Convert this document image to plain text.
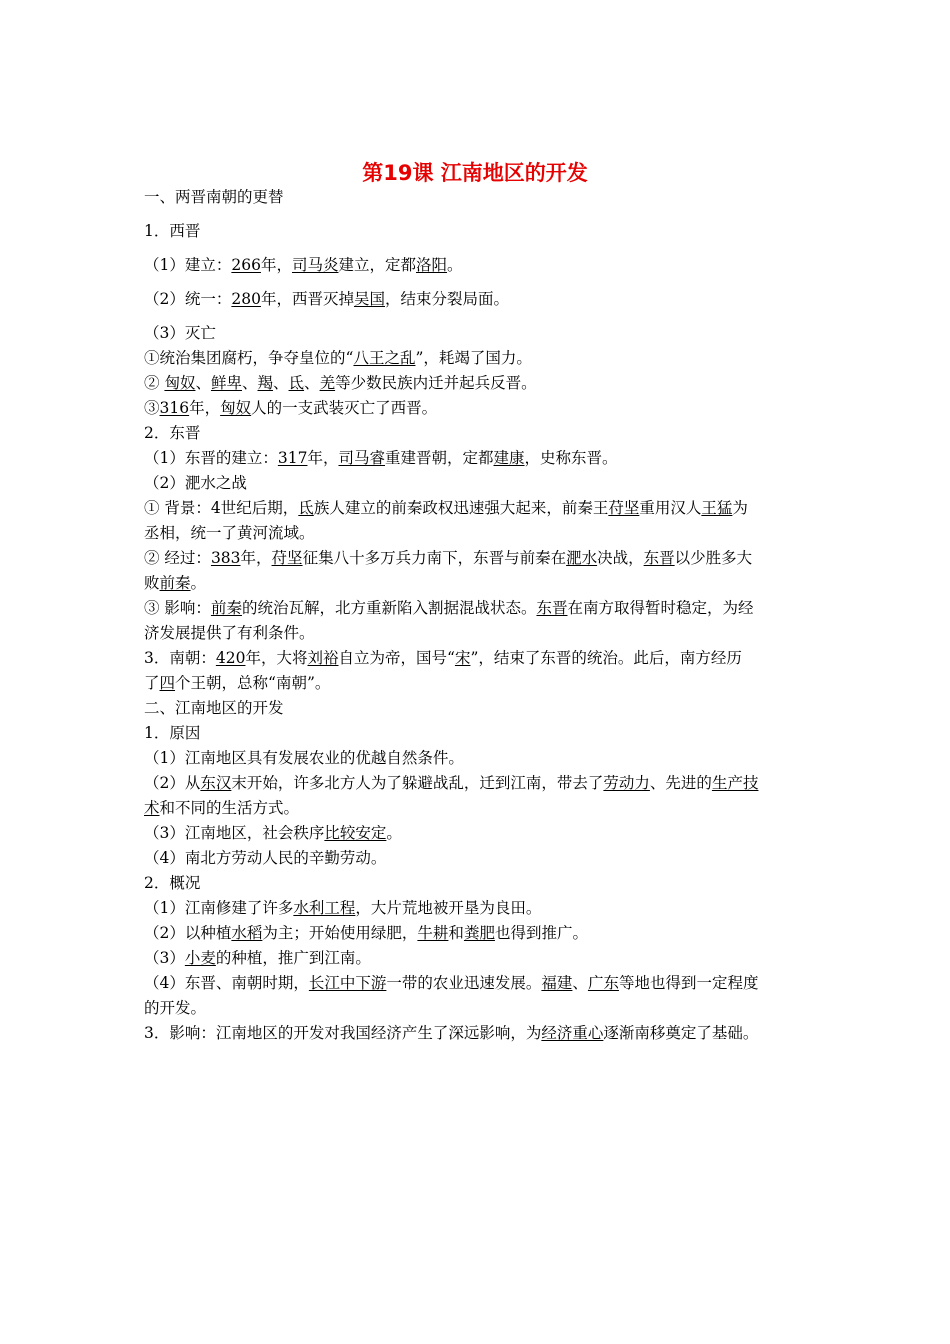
第19课 江南地区的开发

一、两晋南朝的更替

1．西晋

（1）建立：266年，司马炎建立，定都洛阳。

（2）统一：280年，西晋灭掉吴国，结束分裂局面。

（3）灭亡

①统治集团腐朽，争夺皇位的“八王之乱”，耗竭了国力。

② 匈奴、鲜卑、羯、氐、羌等少数民族内迁并起兵反晋。

③316年，匈奴人的一支武装灭亡了西晋。

2．东晋

（1）东晋的建立：317年，司马睿重建晋朝，定都建康，史称东晋。

（2）淝水之战

① 背景：4世纪后期，氐族人建立的前秦政权迅速强大起来，前秦王苻坚重用汉人王猛为

丞相，统一了黄河流域。

② 经过：383年，苻坚征集八十多万兵力南下，东晋与前秦在淝水决战，东晋以少胜多大

败前秦。

③ 影响：前秦的统治瓦解，北方重新陷入割据混战状态。东晋在南方取得暂时稳定，为经

济发展提供了有利条件。

3．南朝：420年，大将刘裕自立为帝，国号“宋”，结束了东晋的统治。此后，南方经历

了四个王朝，总称“南朝”。

二、江南地区的开发

1．原因

（1）江南地区具有发展农业的优越自然条件。

（2）从东汉末开始，许多北方人为了躲避战乱，迁到江南，带去了劳动力、先进的生产技

术和不同的生活方式。

（3）江南地区，社会秩序比较安定。

（4）南北方劳动人民的辛勤劳动。

2．概况

（1）江南修建了许多水利工程，大片荒地被开垦为良田。

（2）以种植水稻为主；开始使用绿肥，牛耕和粪肥也得到推广。

（3）小麦的种植，推广到江南。

（4）东晋、南朝时期，长江中下游一带的农业迅速发展。福建、广东等地也得到一定程度

的开发。

3．影响：江南地区的开发对我国经济产生了深远影响，为经济重心逐渐南移奠定了基础。
